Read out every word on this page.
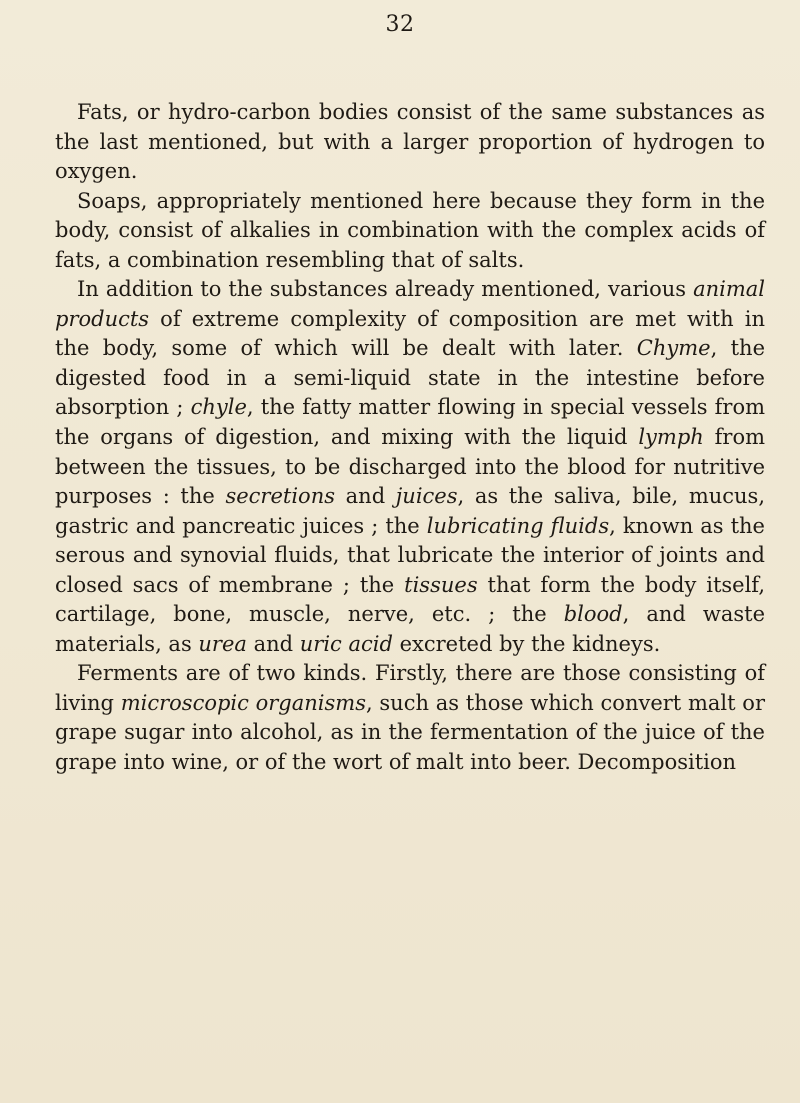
32

Fats, or hydro-carbon bodies consist of the same substances as the last mentioned, but with a larger proportion of hydrogen to oxygen.

Soaps, appropriately mentioned here because they form in the body, consist of alkalies in combination with the complex acids of fats, a combination resembling that of salts.

In addition to the substances already mentioned, various animal products of extreme complexity of composition are met with in the body, some of which will be dealt with later. Chyme, the digested food in a semi-liquid state in the intestine before absorption ; chyle, the fatty matter flowing in special vessels from the organs of digestion, and mixing with the liquid lymph from between the tissues, to be discharged into the blood for nutritive purposes : the secretions and juices, as the saliva, bile, mucus, gastric and pancreatic juices ; the lubricating fluids, known as the serous and synovial fluids, that lubricate the interior of joints and closed sacs of membrane ; the tissues that form the body itself, cartilage, bone, muscle, nerve, etc. ; the blood, and waste materials, as urea and uric acid excreted by the kidneys.

Ferments are of two kinds. Firstly, there are those consisting of living microscopic organisms, such as those which convert malt or grape sugar into alcohol, as in the fermentation of the juice of the grape into wine, or of the wort of malt into beer. Decomposition
